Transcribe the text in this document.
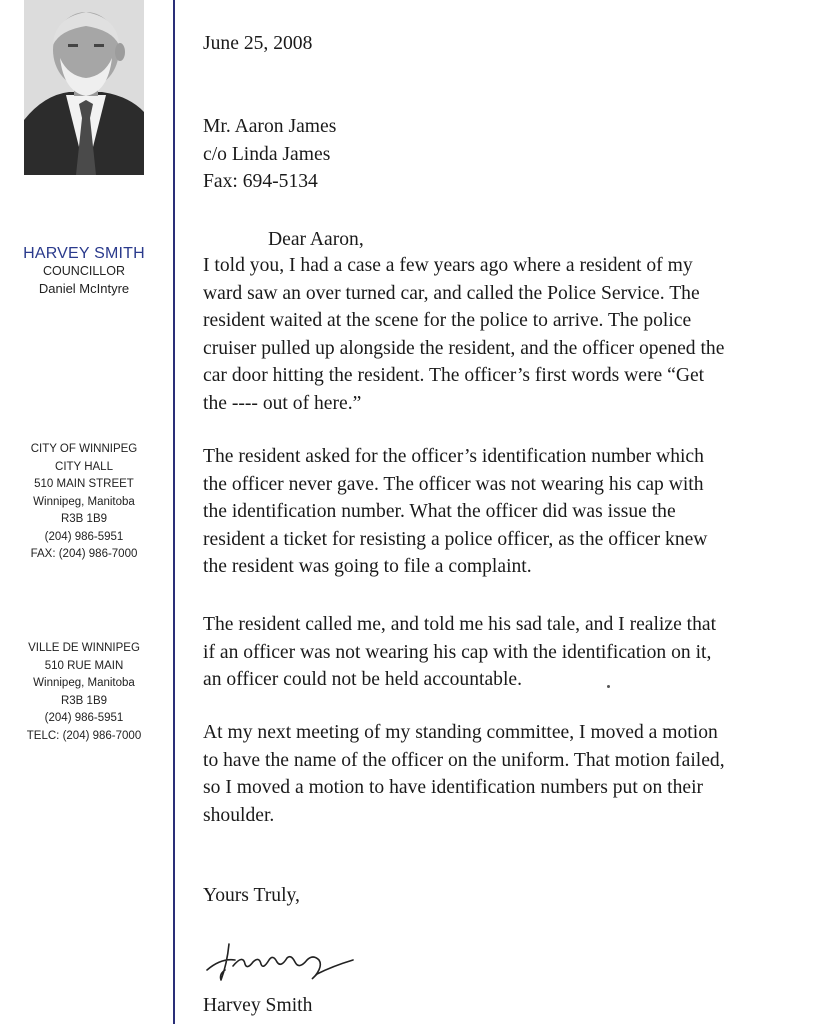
HARVEY SMITH
COUNCILLOR
Daniel McIntyre
CITY OF WINNIPEG
CITY HALL
510 MAIN STREET
Winnipeg, Manitoba
R3B 1B9
(204) 986-5951
FAX: (204) 986-7000
VILLE DE WINNIPEG
510 RUE MAIN
Winnipeg, Manitoba
R3B 1B9
(204) 986-5951
TELC: (204) 986-7000
June 25, 2008
Mr. Aaron James
c/o Linda James
Fax: 694-5134
Dear Aaron,

I told you, I had a case a few years ago where a resident of my
ward saw an over turned car, and called the Police Service. The
resident waited at the scene for the police to arrive. The police
cruiser pulled up alongside the resident, and the officer opened the
car door hitting the resident. The officer’s first words were “Get
the ---- out of here.”

The resident asked for the officer’s identification number which
the officer never gave. The officer was not wearing his cap with
the identification number. What the officer did was issue the
resident a ticket for resisting a police officer, as the officer knew
the resident was going to file a complaint.

The resident called me, and told me his sad tale, and I realize that
if an officer was not wearing his cap with the identification on it,
an officer could not be held accountable.

At my next meeting of my standing committee, I moved a motion
to have the name of the officer on the uniform. That motion failed,
so I moved a motion to have identification numbers put on their
shoulder.

Yours Truly,
Harvey Smith
